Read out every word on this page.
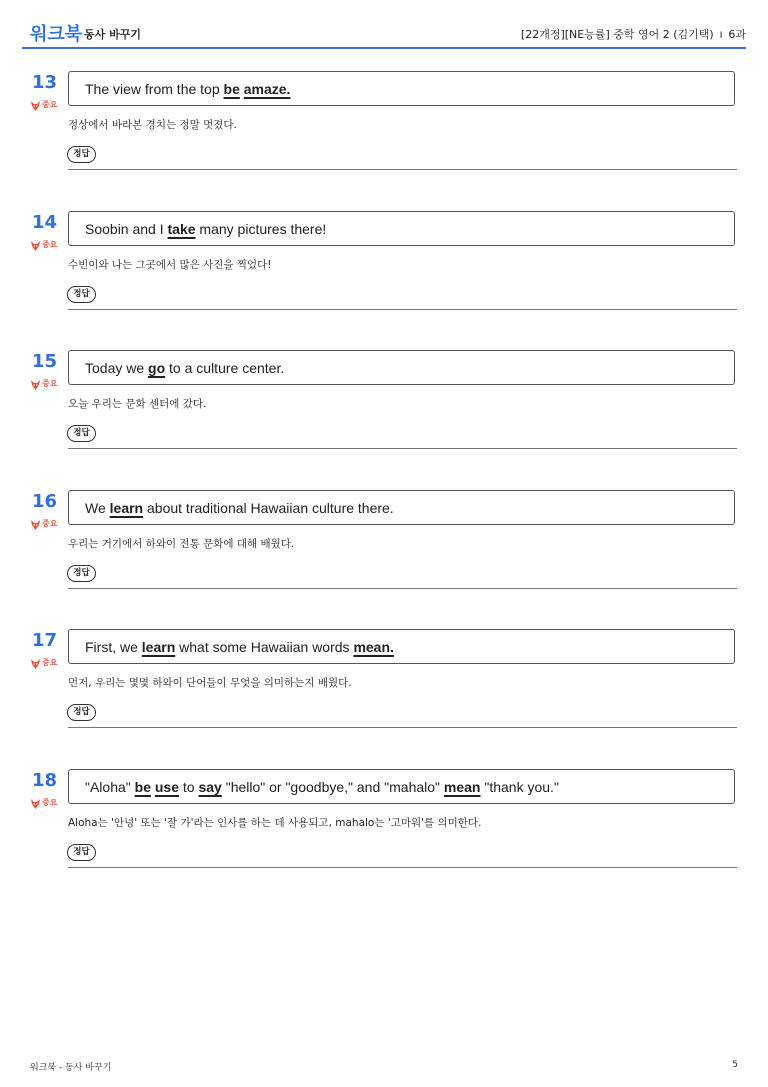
워크북 동사 바꾸기	[22개정][NE능률] 중학 영어 2 (김기택) I 6과
13
중요
The view from the top be amaze.
정상에서 바라본 경치는 정말 멋졌다.
정답
14
중요
Soobin and I take many pictures there!
수빈이와 나는 그곳에서 많은 사진을 찍었다!
정답
15
중요
Today we go to a culture center.
오늘 우리는 문화 센터에 갔다.
정답
16
중요
We learn about traditional Hawaiian culture there.
우리는 거기에서 하와이 전통 문화에 대해 배웠다.
정답
17
중요
First, we learn what some Hawaiian words mean.
먼저, 우리는 몇몇 하와이 단어들이 무엇을 의미하는지 배웠다.
정답
18
중요
"Aloha" be use to say "hello" or "goodbye," and "mahalo" mean "thank you."
Aloha는 '안녕' 또는 '잘 가'라는 인사를 하는 데 사용되고, mahalo는 '고마워'를 의미한다.
정답
워크북 - 동사 바꾸기	5
